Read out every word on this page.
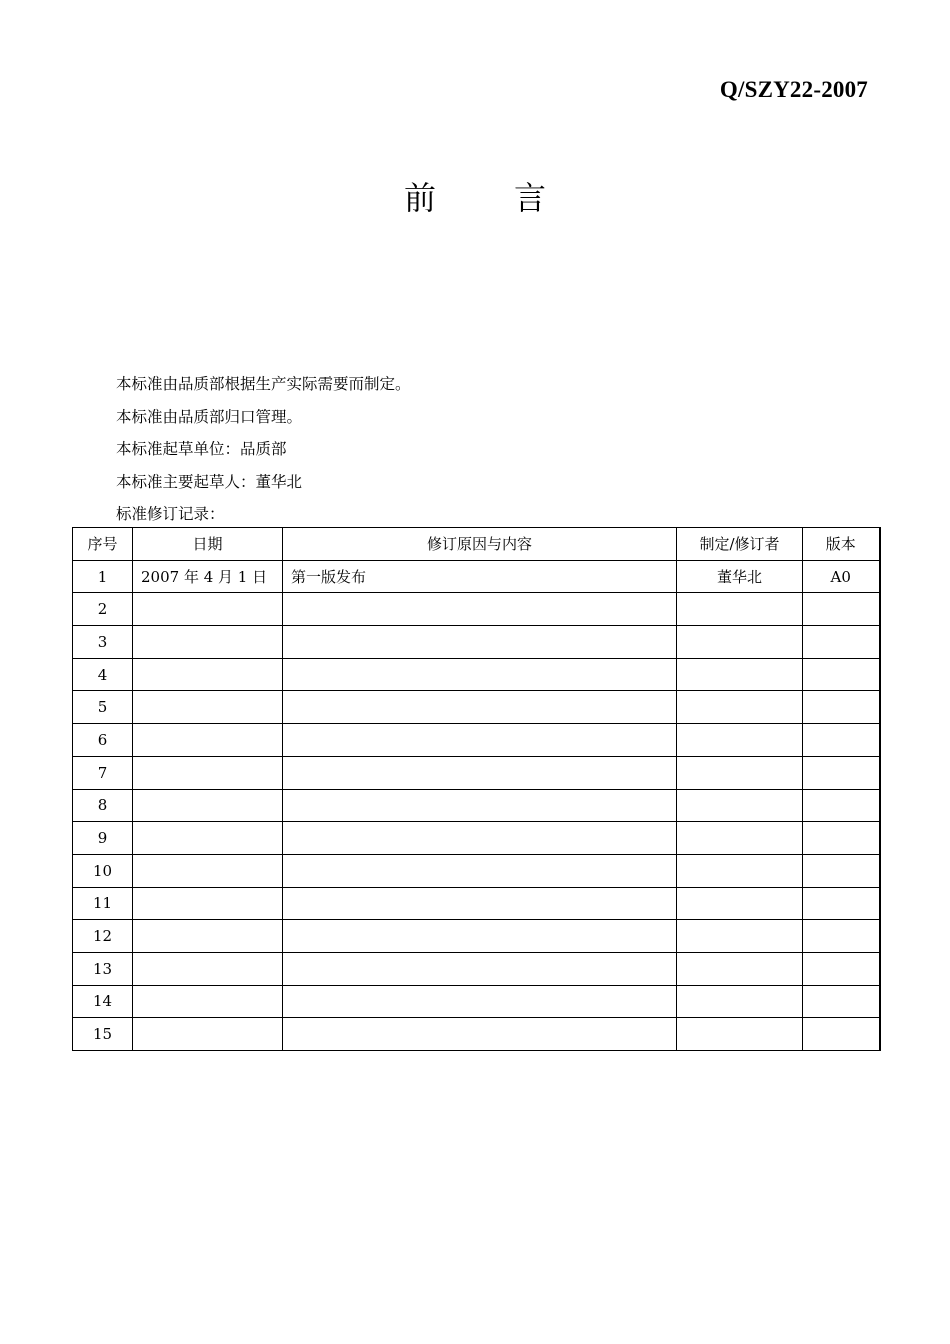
Q/SZY22-2007
前 言

本标准由品质部根据生产实际需要而制定。

本标准由品质部归口管理。

本标准起草单位：品质部

本标准主要起草人：董华北

标准修订记录：

序号	日期	修订原因与内容	制定/修订者	版本
1	2007 年 4 月 1 日	第一版发布	董华北	A0
2				
3				
4				
5				
6				
7				
8				
9				
10				
11				
12				
13				
14				
15				
